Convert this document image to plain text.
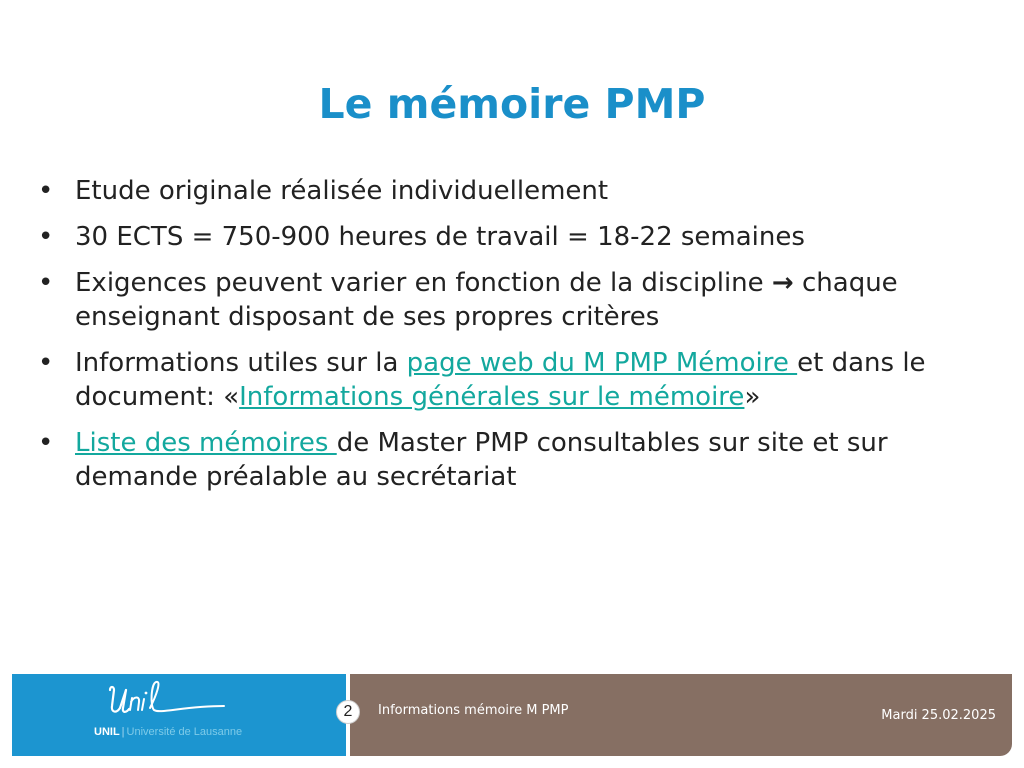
Le mémoire PMP
• Etude originale réalisée individuellement
• 30 ECTS = 750-900 heures de travail = 18-22 semaines
• Exigences peuvent varier en fonction de la discipline → chaque enseignant disposant de ses propres critères
• Informations utiles sur la page web du M PMP Mémoire et dans le document: «Informations générales sur le mémoire»
• Liste des mémoires de Master PMP consultables sur site et sur demande préalable au secrétariat
UNIL | Université de Lausanne
2	Informations mémoire M PMP	Mardi 25.02.2025
